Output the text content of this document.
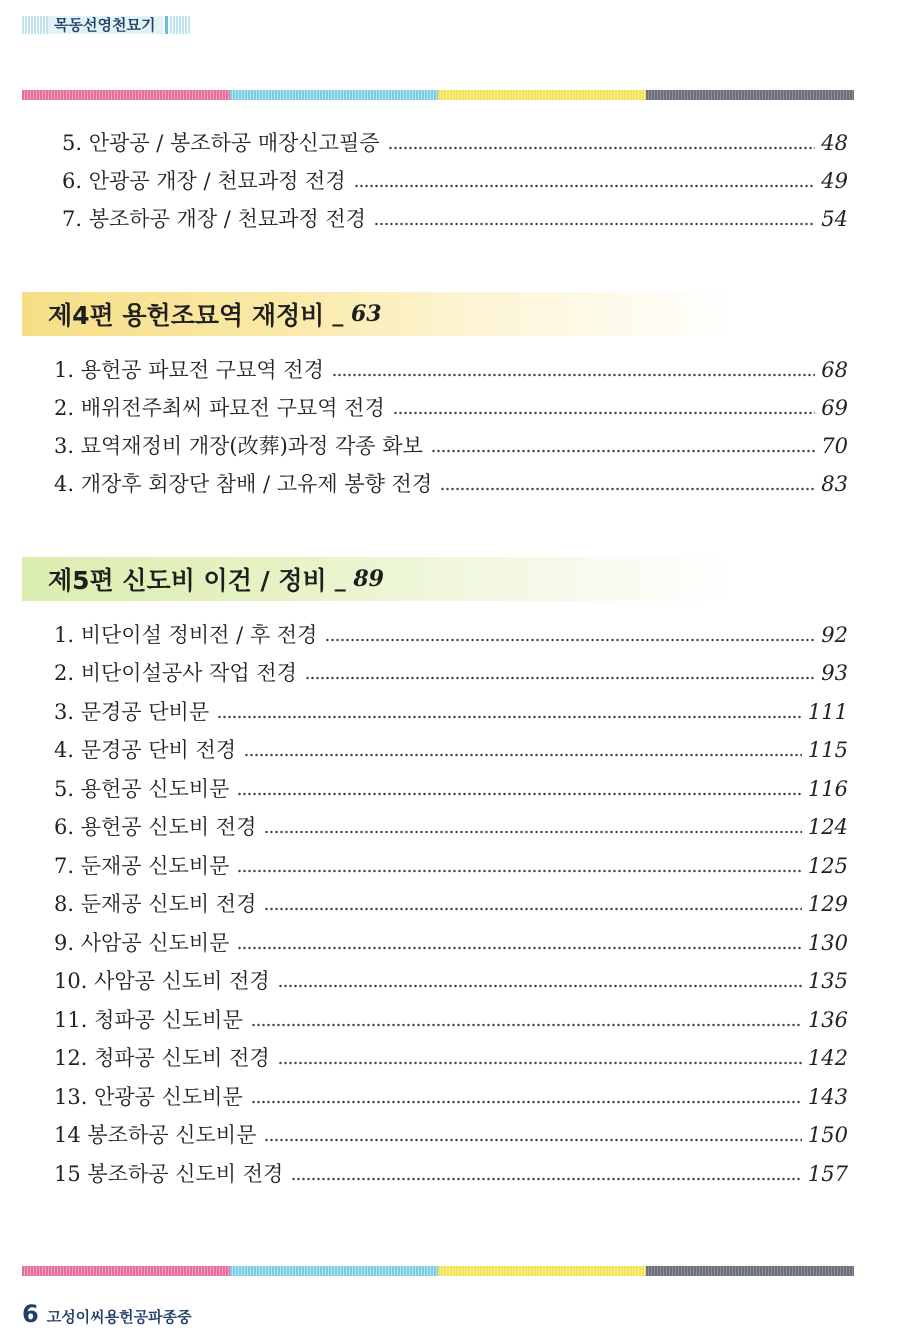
목동선영천묘기
5. 안광공 / 봉조하공 매장신고필증	48
6. 안광공 개장 / 천묘과정 전경	49
7. 봉조하공 개장 / 천묘과정 전경	54
제4편 용헌조묘역 재정비 _ 63
1. 용헌공 파묘전 구묘역 전경	68
2. 배위전주최씨 파묘전 구묘역 전경	69
3. 묘역재정비 개장(改葬)과정 각종 화보	70
4. 개장후 회장단 참배 / 고유제 봉향 전경	83
제5편 신도비 이건 / 정비 _ 89
1. 비단이설 정비전 / 후 전경	92
2. 비단이설공사 작업 전경	93
3. 문경공 단비문	111
4. 문경공 단비 전경	115
5. 용헌공 신도비문	116
6. 용헌공 신도비 전경	124
7. 둔재공 신도비문	125
8. 둔재공 신도비 전경	129
9. 사암공 신도비문	130
10. 사암공 신도비 전경	135
11. 청파공 신도비문	136
12. 청파공 신도비 전경	142
13. 안광공 신도비문	143
14 봉조하공 신도비문	150
15 봉조하공 신도비 전경	157
6 고성이씨용헌공파종중
